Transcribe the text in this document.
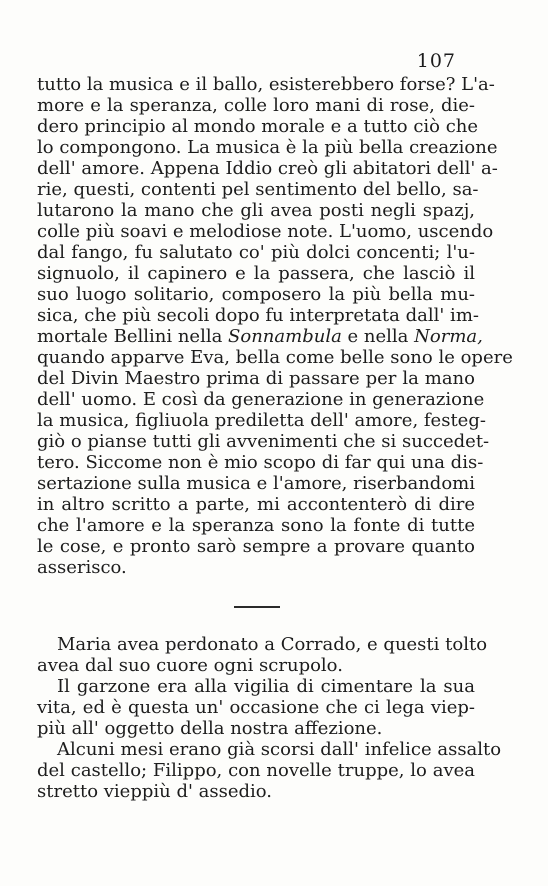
107
tutto la musica e il ballo, esisterebbero forse? L'a-
more e la speranza, colle loro mani di rose, die-
dero principio al mondo morale e a tutto ciò che
lo compongono. La musica è la più bella creazione
dell' amore. Appena Iddio creò gli abitatori dell' a-
rie, questi, contenti pel sentimento del bello, sa-
lutarono la mano che gli avea posti negli spazj,
colle più soavi e melodiose note. L'uomo, uscendo
dal fango, fu salutato co' più dolci concenti; l'u-
signuolo, il capinero e la passera, che lasciò il
suo luogo solitario, composero la più bella mu-
sica, che più secoli dopo fu interpretata dall' im-
mortale Bellini nella Sonnambula e nella Norma,
quando apparve Eva, bella come belle sono le opere
del Divin Maestro prima di passare per la mano
dell' uomo. E così da generazione in generazione
la musica, figliuola prediletta dell' amore, festeg-
giò o pianse tutti gli avvenimenti che si succedet-
tero. Siccome non è mio scopo di far qui una dis-
sertazione sulla musica e l'amore, riserbandomi
in altro scritto a parte, mi accontenterò di dire
che l'amore e la speranza sono la fonte di tutte
le cose, e pronto sarò sempre a provare quanto
asserisco.
Maria avea perdonato a Corrado, e questi tolto
avea dal suo cuore ogni scrupolo.
Il garzone era alla vigilia di cimentare la sua
vita, ed è questa un' occasione che ci lega viep-
più all' oggetto della nostra affezione.
Alcuni mesi erano già scorsi dall' infelice assalto
del castello; Filippo, con novelle truppe, lo avea
stretto vieppiù d' assedio.
